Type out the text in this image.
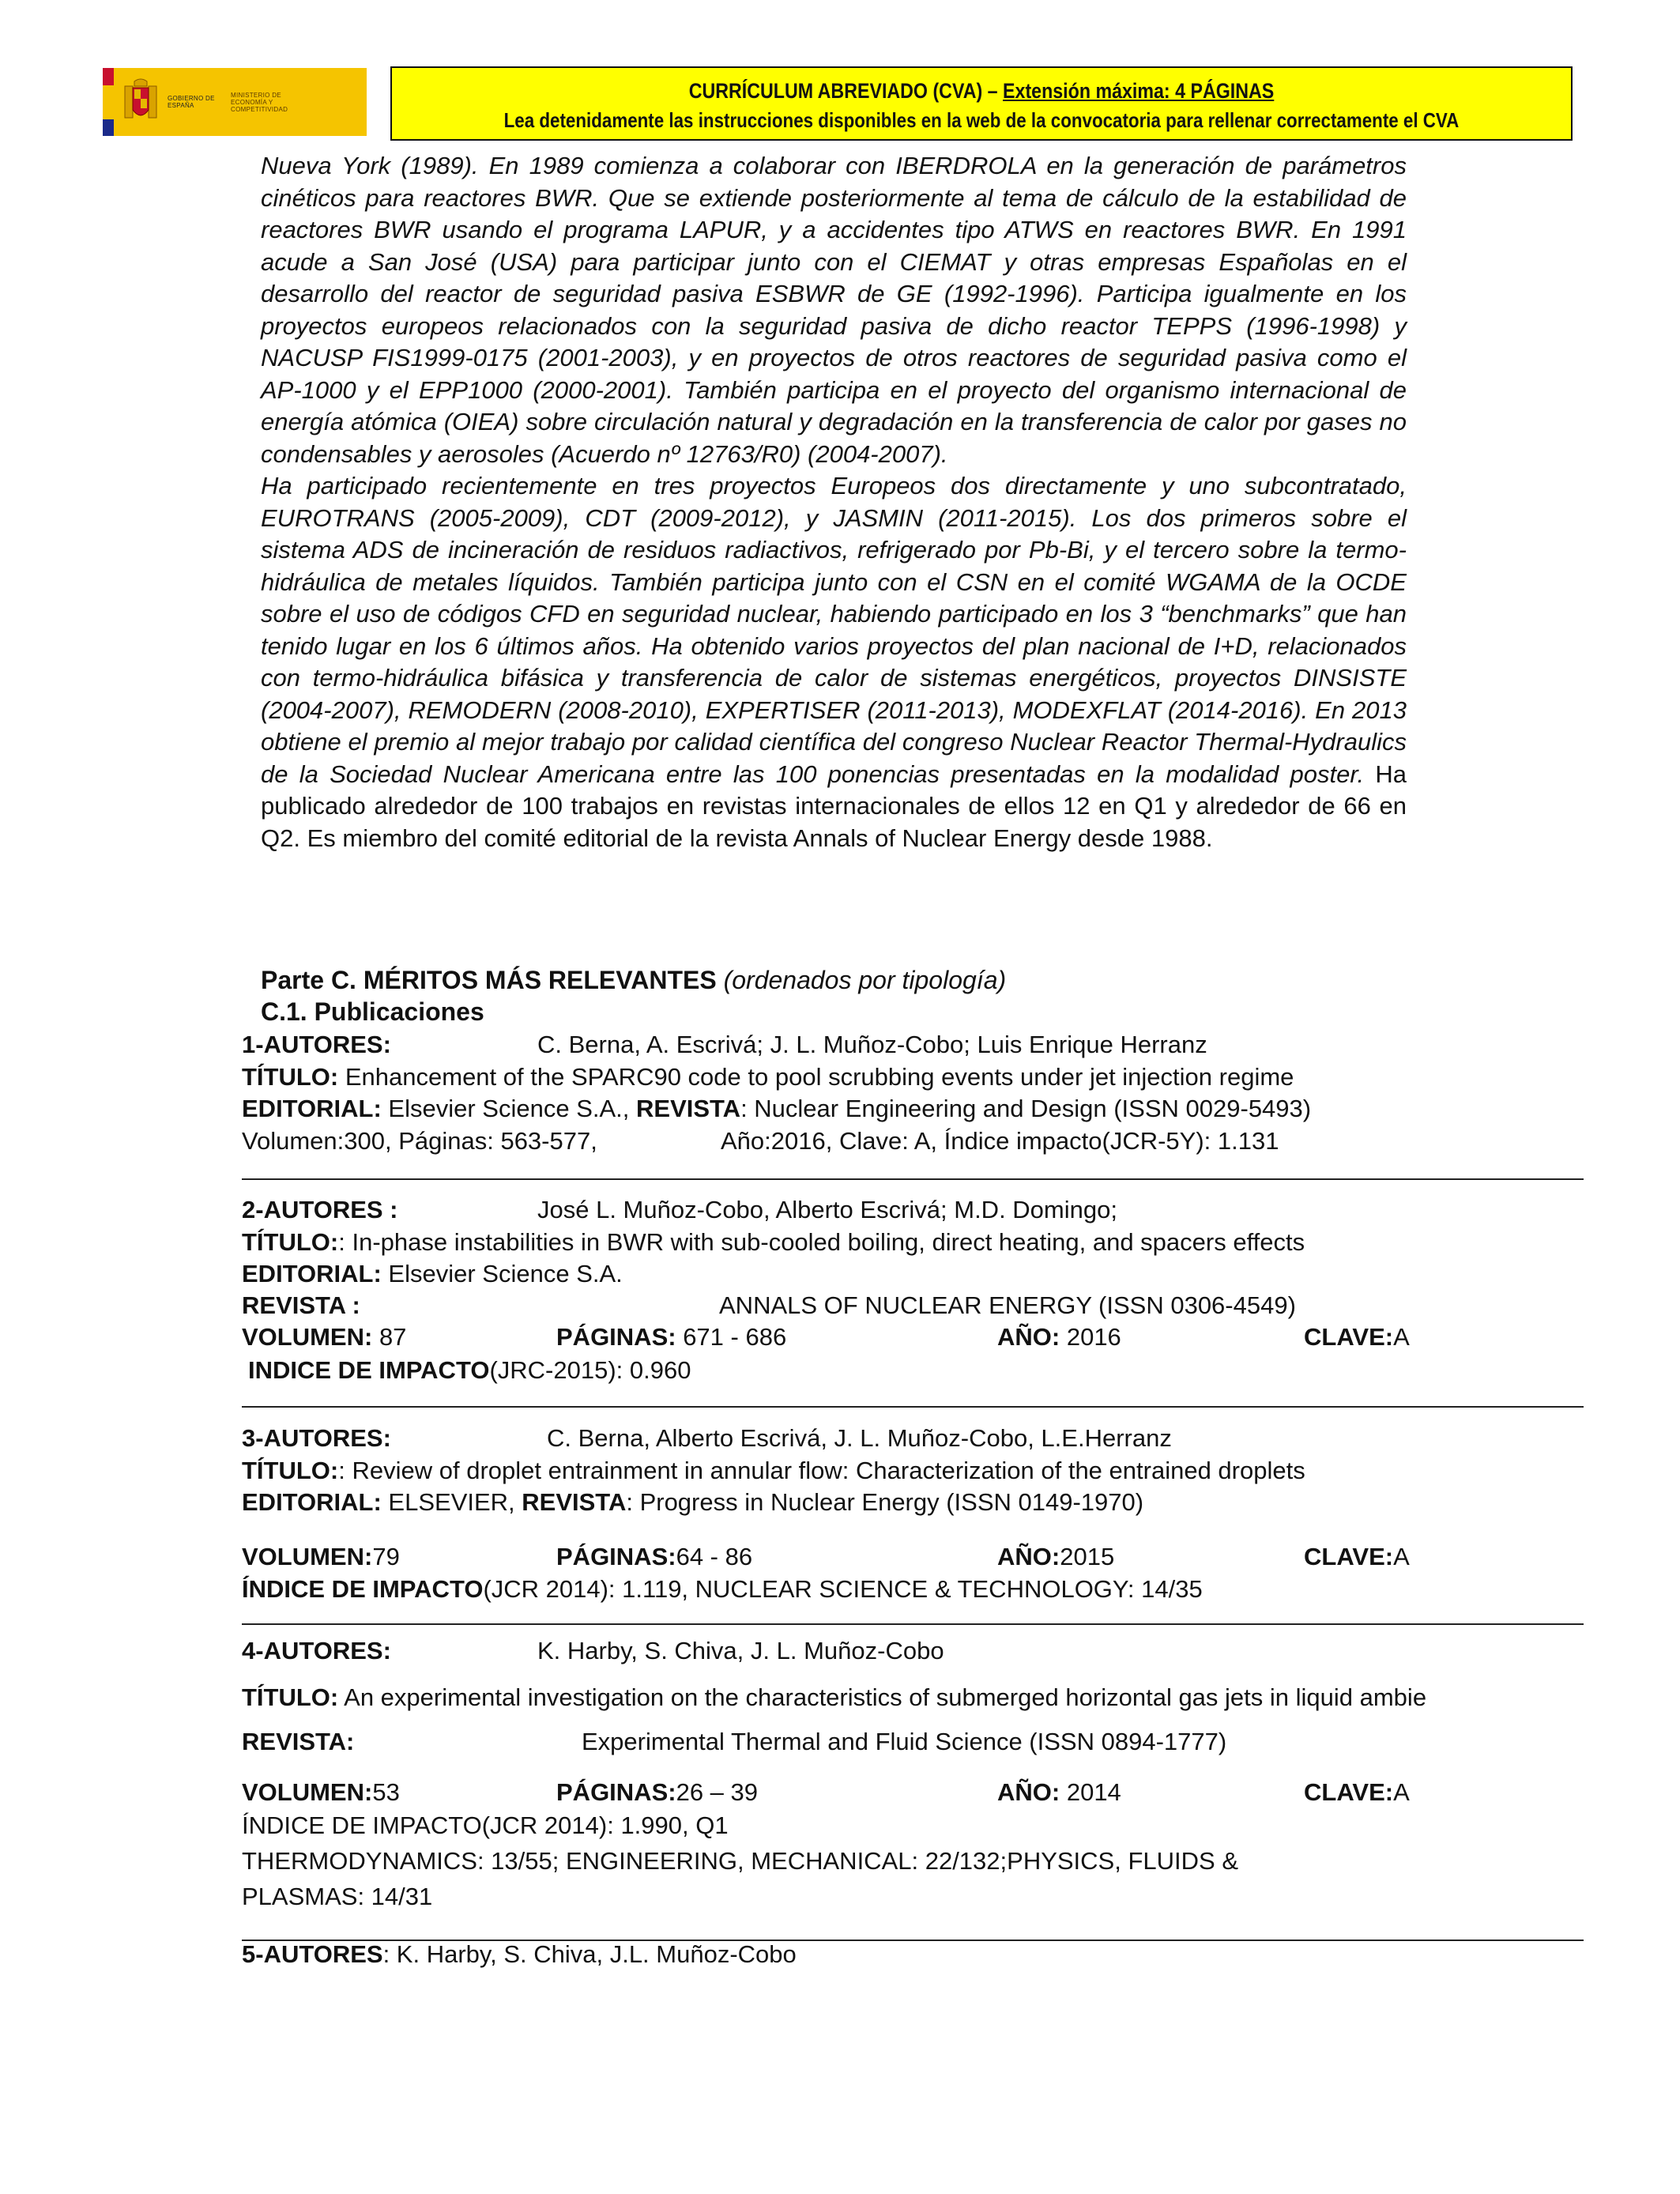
GOBIERNO DE ESPAÑA
MINISTERIO DE ECONOMÍA Y COMPETITIVIDAD
CURRÍCULUM ABREVIADO (CVA) – Extensión máxima: 4 PÁGINAS
Lea detenidamente las instrucciones disponibles en la web de la convocatoria para rellenar correctamente el CVA

Nueva York (1989). En 1989 comienza a colaborar con IBERDROLA en la generación de parámetros cinéticos para reactores BWR. Que se extiende posteriormente al tema de cálculo de la estabilidad de reactores BWR usando el programa LAPUR, y a accidentes tipo ATWS en reactores BWR. En 1991 acude a San José (USA) para participar junto con el CIEMAT y otras empresas Españolas en el desarrollo del reactor de seguridad pasiva ESBWR de GE (1992-1996). Participa igualmente en los proyectos europeos relacionados con la seguridad pasiva de dicho reactor TEPPS (1996-1998) y NACUSP FIS1999-0175 (2001-2003), y en proyectos de otros reactores de seguridad pasiva como el AP-1000 y el EPP1000 (2000-2001). También participa en el proyecto del organismo internacional de energía atómica (OIEA) sobre circulación natural y degradación en la transferencia de calor por gases no condensables y aerosoles (Acuerdo nº 12763/R0) (2004-2007).

Ha participado recientemente en tres proyectos Europeos dos directamente y uno subcontratado, EUROTRANS (2005-2009), CDT (2009-2012), y JASMIN (2011-2015). Los dos primeros sobre el sistema ADS de incineración de residuos radiactivos, refrigerado por Pb-Bi, y el tercero sobre la termo-hidráulica de metales líquidos. También participa junto con el CSN en el comité WGAMA de la OCDE sobre el uso de códigos CFD en seguridad nuclear, habiendo participado en los 3 “benchmarks” que han tenido lugar en los 6 últimos años. Ha obtenido varios proyectos del plan nacional de I+D, relacionados con termo-hidráulica bifásica y transferencia de calor de sistemas energéticos, proyectos DINSISTE (2004-2007), REMODERN (2008-2010), EXPERTISER (2011-2013), MODEXFLAT (2014-2016). En 2013 obtiene el premio al mejor trabajo por calidad científica del congreso Nuclear Reactor Thermal-Hydraulics de la Sociedad Nuclear Americana entre las 100 ponencias presentadas en la modalidad poster. Ha publicado alrededor de 100 trabajos en revistas internacionales de ellos 12 en Q1 y alrededor de 66 en Q2. Es miembro del comité editorial de la revista Annals of Nuclear Energy desde 1988.

Parte C. MÉRITOS MÁS RELEVANTES (ordenados por tipología)
C.1. Publicaciones
1-AUTORES:	C. Berna, A. Escrivá; J. L. Muñoz-Cobo; Luis Enrique Herranz
TÍTULO: Enhancement of the SPARC90 code to pool scrubbing events under jet injection regime
EDITORIAL: Elsevier Science S.A., REVISTA: Nuclear Engineering and Design (ISSN 0029-5493)
Volumen:300, Páginas: 563-577,	Año:2016, Clave: A, Índice impacto(JCR-5Y): 1.131
2-AUTORES :	José L. Muñoz-Cobo, Alberto Escrivá; M.D. Domingo;
TÍTULO:: In-phase instabilities in BWR with sub-cooled boiling, direct heating, and spacers effects
EDITORIAL: Elsevier Science S.A.
REVISTA :	ANNALS OF NUCLEAR ENERGY (ISSN 0306-4549)
VOLUMEN: 87	PÁGINAS: 671 - 686	AÑO: 2016	CLAVE:A
INDICE DE IMPACTO(JRC-2015): 0.960
3-AUTORES:	C. Berna, Alberto Escrivá, J. L. Muñoz-Cobo, L.E.Herranz
TÍTULO:: Review of droplet entrainment in annular flow: Characterization of the entrained droplets
EDITORIAL: ELSEVIER, REVISTA: Progress in Nuclear Energy (ISSN 0149-1970)
VOLUMEN:79	PÁGINAS:64 - 86	AÑO:2015	CLAVE:A
ÍNDICE DE IMPACTO(JCR 2014): 1.119, NUCLEAR SCIENCE & TECHNOLOGY: 14/35
4-AUTORES:	K. Harby, S. Chiva, J. L. Muñoz-Cobo
TÍTULO: An experimental investigation on the characteristics of submerged horizontal gas jets in liquid ambie
REVISTA:	Experimental Thermal and Fluid Science (ISSN 0894-1777)
VOLUMEN:53	PÁGINAS:26 – 39	AÑO: 2014	CLAVE:A
ÍNDICE DE IMPACTO(JCR 2014): 1.990, Q1
THERMODYNAMICS: 13/55; ENGINEERING, MECHANICAL: 22/132;PHYSICS, FLUIDS &
PLASMAS: 14/31
5-AUTORES: K. Harby, S. Chiva, J.L. Muñoz-Cobo
